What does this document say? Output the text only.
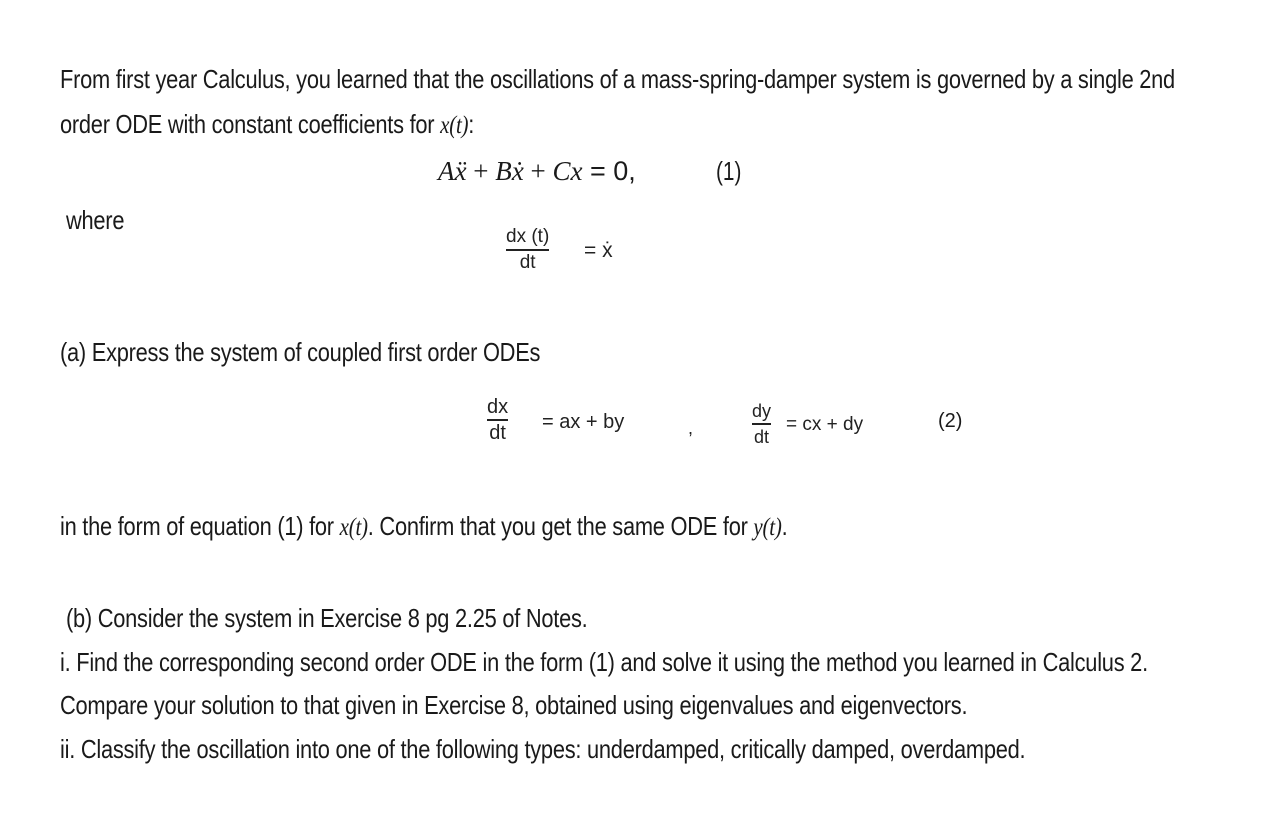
From first year Calculus, you learned that the oscillations of a mass-spring-damper system is governed by a single 2nd
order ODE with constant coefficients for x(t):
Aẍ + Bẋ + Cx = 0,	(1)
where
dx (t)
dt = ẋ
(a) Express the system of coupled first order ODEs
dx
dt = ax + by	,
dy
dt
= cx + dy	(2)
in the form of equation (1) for x(t). Confirm that you get the same ODE for y(t).
(b) Consider the system in Exercise 8 pg 2.25 of Notes.
i. Find the corresponding second order ODE in the form (1) and solve it using the method you learned in Calculus 2.
Compare your solution to that given in Exercise 8, obtained using eigenvalues and eigenvectors.
ii. Classify the oscillation into one of the following types: underdamped, critically damped, overdamped.
